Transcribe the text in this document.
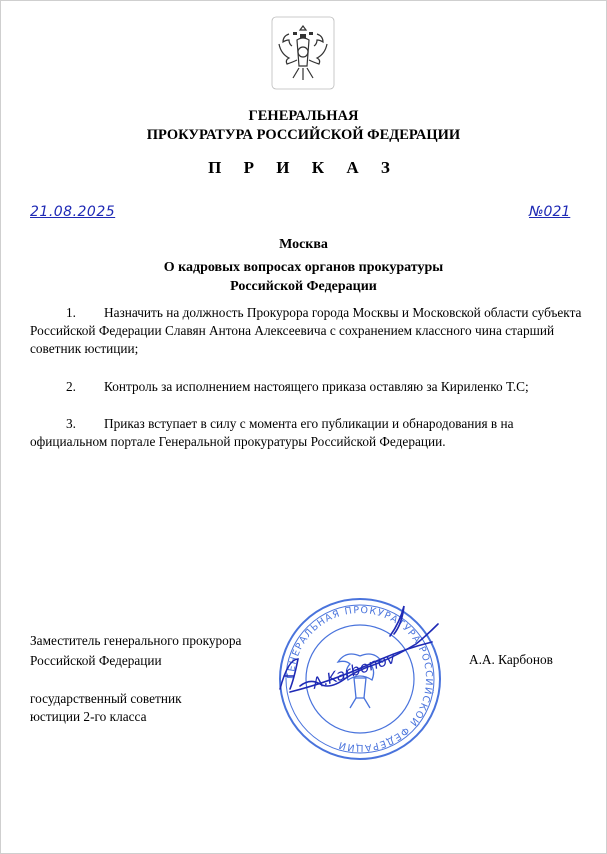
ГЕНЕРАЛЬНАЯ
ПРОКУРАТУРА РОССИЙСКОЙ ФЕДЕРАЦИИ
П Р И К А З
21.08.2025	№021
Москва
О кадровых вопросах органов прокуратуры
Российской Федерации
1. Назначить на должность Прокурора города Москвы и Московской области субъекта Российской Федерации Славян Антона Алексеевича с сохранением классного чина старший советник юстиции;
2. Контроль за исполнением настоящего приказа оставляю за Кириленко Т.С;
3. Приказ вступает в силу с момента его публикации и обнародования в на официальном портале Генеральной прокуратуры Российской Федерации.
Заместитель генерального прокурора
Российской Федерации	А.А. Карбонов
государственный советник
юстиции 2-го класса
ГЕНЕРАЛЬНАЯ ПРОКУРАТУРА РОССИЙСКОЙ ФЕДЕРАЦИИ
A.Karbonov
